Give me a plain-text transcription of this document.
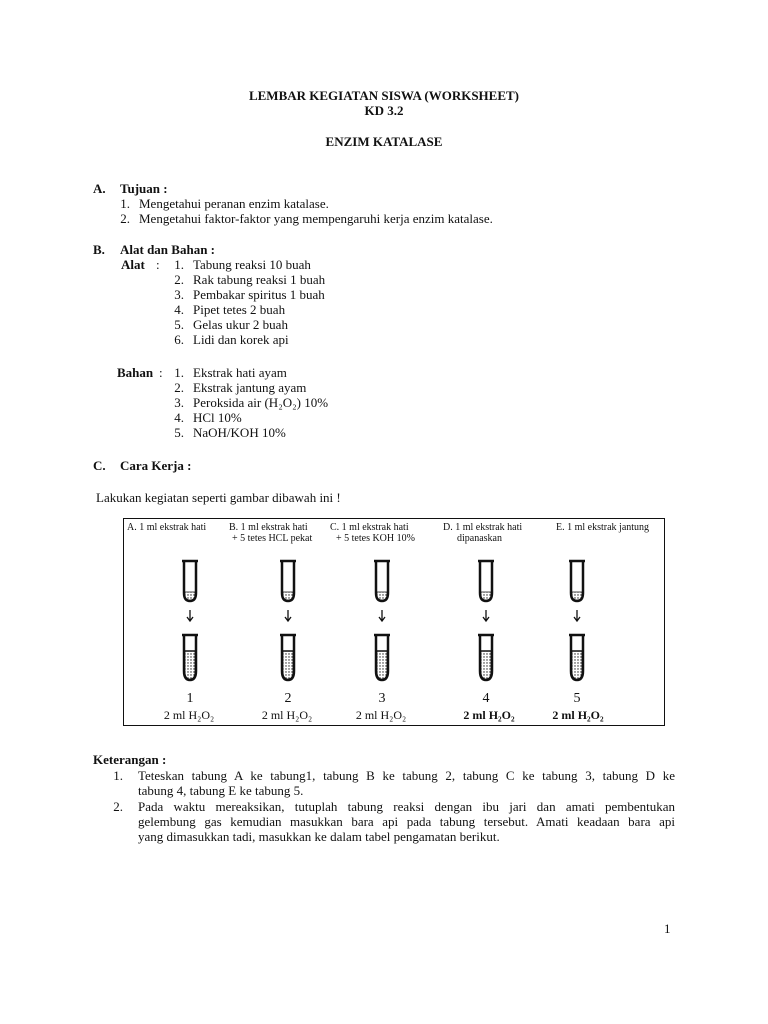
LEMBAR KEGIATAN SISWA (WORKSHEET)
KD 3.2
ENZIM KATALASE
A. Tujuan :
1. Mengetahui peranan enzim katalase.
2. Mengetahui faktor-faktor yang mempengaruhi kerja enzim katalase.
B. Alat dan Bahan :
Alat :	1. Tabung reaksi 10 buah
2. Rak tabung reaksi 1 buah
3. Pembakar spiritus 1 buah
4. Pipet tetes 2 buah
5. Gelas ukur 2 buah
6. Lidi dan korek api
Bahan : 1. Ekstrak hati ayam
2. Ekstrak jantung ayam
3. Peroksida air (H₂O₂) 10%
4. HCl 10%
5. NaOH/KOH 10%
C. Cara Kerja :
Lakukan kegiatan seperti gambar dibawah ini !
A. 1 ml ekstrak hati B. 1 ml ekstrak hati
+ 5 tetes HCL pekat
C. 1 ml ekstrak hati
+ 5 tetes KOH 10%
D. 1 ml ekstrak hati
dipanaskan
E. 1 ml ekstrak jantung
1	2	3	4	5
2 ml H₂O₂	2 ml H₂O₂	2 ml H₂O₂	2 ml H₂O₂	2 ml H₂O₂
Keterangan :
1. Teteskan tabung A ke tabung1, tabung B ke tabung 2, tabung C ke tabung 3, tabung D ke
tabung 4, tabung E ke tabung 5.
2. Pada waktu mereaksikan, tutuplah tabung reaksi dengan ibu jari dan amati pembentukan
gelembung gas kemudian masukkan bara api pada tabung tersebut. Amati keadaan bara api
yang dimasukkan tadi, masukkan ke dalam tabel pengamatan berikut.
1
